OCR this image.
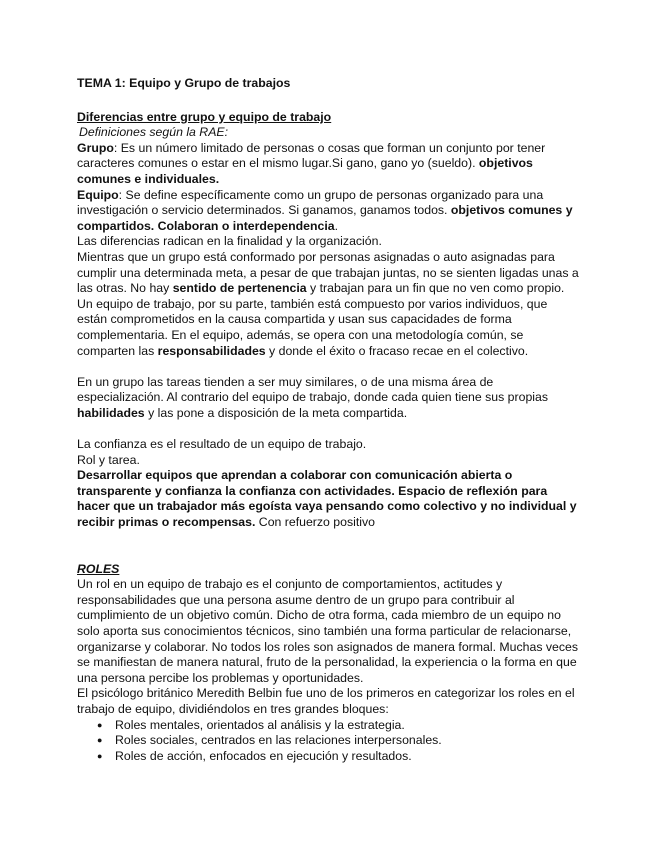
TEMA 1: Equipo y Grupo de trabajos

Diferencias entre grupo y equipo de trabajo

Definiciones según la RAE:

Grupo: Es un número limitado de personas o cosas que forman un conjunto por tener caracteres comunes o estar en el mismo lugar.Si gano, gano yo (sueldo). objetivos comunes e individuales.

Equipo: Se define específicamente como un grupo de personas organizado para una investigación o servicio determinados. Si ganamos, ganamos todos. objetivos comunes y compartidos. Colaboran o interdependencia.

Las diferencias radican en la finalidad y la organización.

Mientras que un grupo está conformado por personas asignadas o auto asignadas para cumplir una determinada meta, a pesar de que trabajan juntas, no se sienten ligadas unas a las otras. No hay sentido de pertenencia y trabajan para un fin que no ven como propio.

Un equipo de trabajo, por su parte, también está compuesto por varios individuos, que están comprometidos en la causa compartida y usan sus capacidades de forma complementaria. En el equipo, además, se opera con una metodología común, se comparten las responsabilidades y donde el éxito o fracaso recae en el colectivo.

En un grupo las tareas tienden a ser muy similares, o de una misma área de especialización. Al contrario del equipo de trabajo, donde cada quien tiene sus propias habilidades y las pone a disposición de la meta compartida.

La confianza es el resultado de un equipo de trabajo.

Rol y tarea.

Desarrollar equipos que aprendan a colaborar con comunicación abierta o transparente y confianza la confianza con actividades. Espacio de reflexión para hacer que un trabajador más egoísta vaya pensando como colectivo y no individual y recibir primas o recompensas. Con refuerzo positivo

ROLES

Un rol en un equipo de trabajo es el conjunto de comportamientos, actitudes y responsabilidades que una persona asume dentro de un grupo para contribuir al cumplimiento de un objetivo común. Dicho de otra forma, cada miembro de un equipo no solo aporta sus conocimientos técnicos, sino también una forma particular de relacionarse, organizarse y colaborar. No todos los roles son asignados de manera formal. Muchas veces se manifiestan de manera natural, fruto de la personalidad, la experiencia o la forma en que una persona percibe los problemas y oportunidades.

El psicólogo británico Meredith Belbin fue uno de los primeros en categorizar los roles en el trabajo de equipo, dividiéndolos en tres grandes bloques:

● Roles mentales, orientados al análisis y la estrategia.
● Roles sociales, centrados en las relaciones interpersonales.
● Roles de acción, enfocados en ejecución y resultados.
